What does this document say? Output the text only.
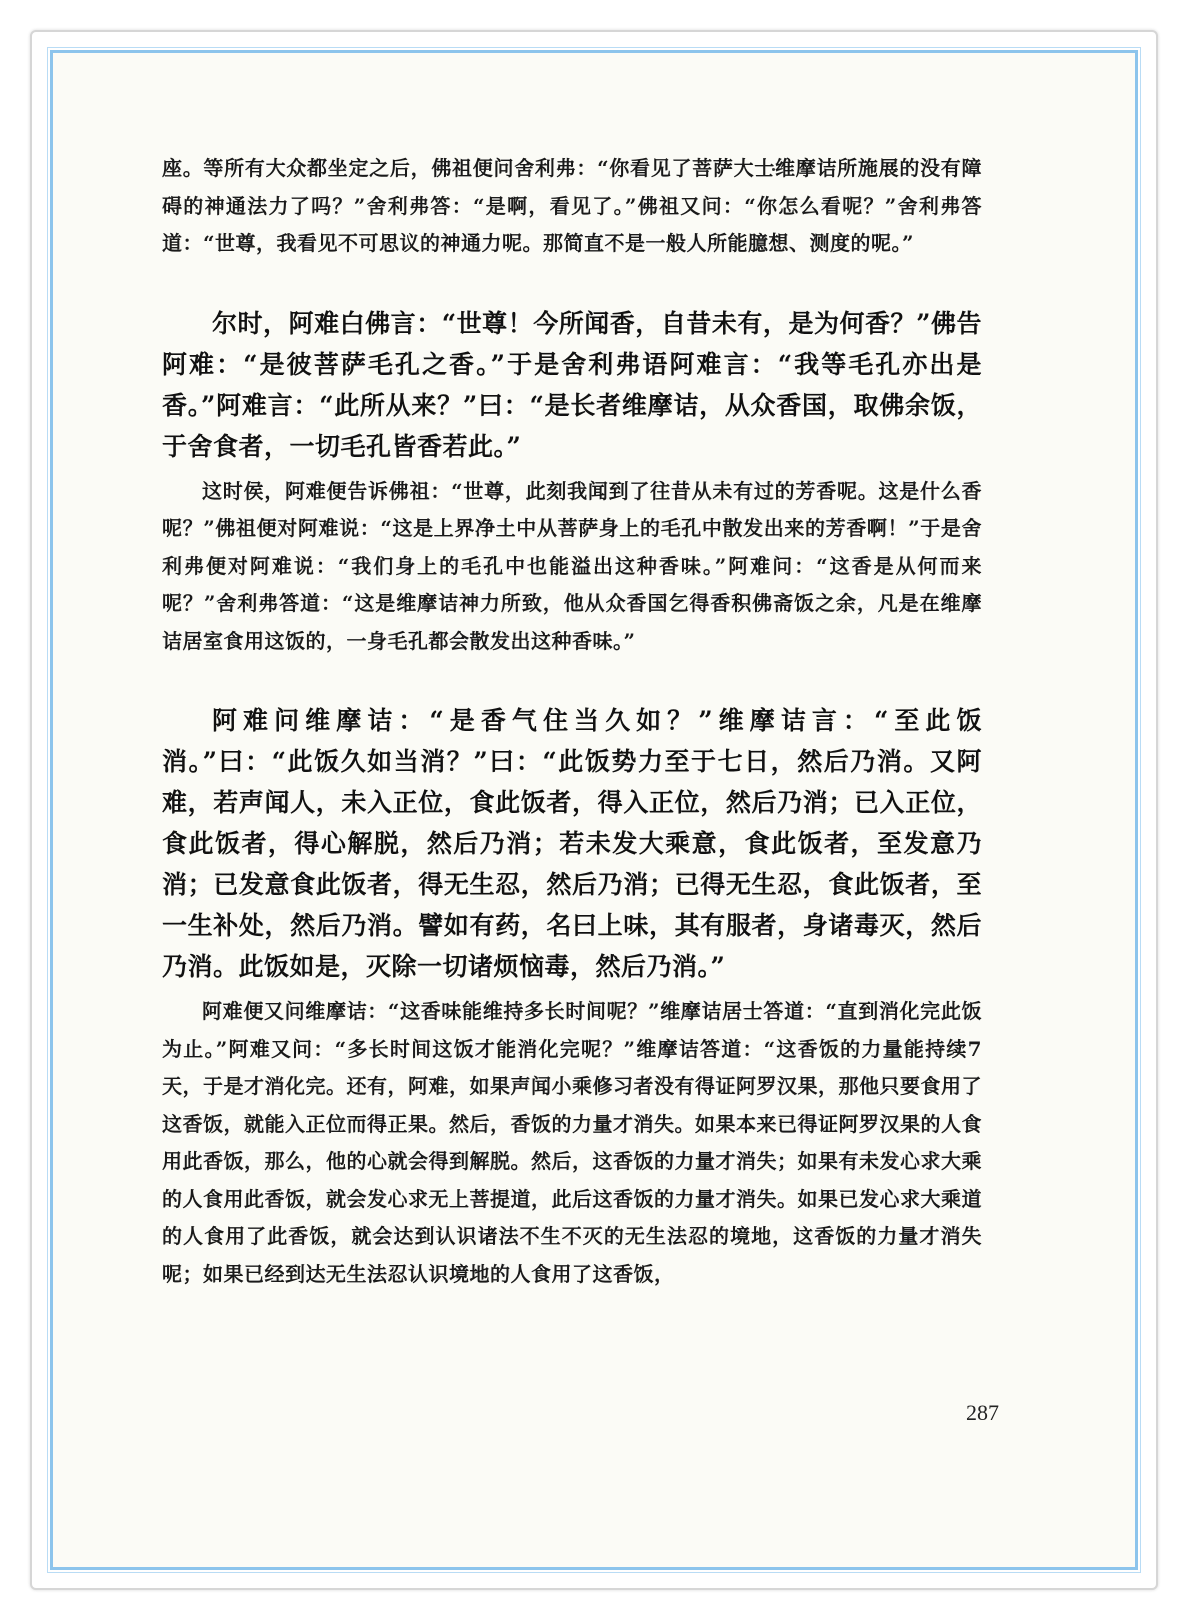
座。等所有大众都坐定之后，佛祖便问舍利弗：“你看见了菩萨大士维摩诘所施展的没有障碍的神通法力了吗？”舍利弗答：“是啊，看见了。”佛祖又问：“你怎么看呢？”舍利弗答道：“世尊，我看见不可思议的神通力呢。那简直不是一般人所能臆想、测度的呢。”

尔时，阿难白佛言：“世尊！今所闻香，自昔未有，是为何香？”佛告阿难：“是彼菩萨毛孔之香。”于是舍利弗语阿难言：“我等毛孔亦出是香。”阿难言：“此所从来？”曰：“是长者维摩诘，从众香国，取佛余饭，于舍食者，一切毛孔皆香若此。”

这时侯，阿难便告诉佛祖：“世尊，此刻我闻到了往昔从未有过的芳香呢。这是什么香呢？”佛祖便对阿难说：“这是上界净土中从菩萨身上的毛孔中散发出来的芳香啊！”于是舍利弗便对阿难说：“我们身上的毛孔中也能溢出这种香味。”阿难问：“这香是从何而来呢？”舍利弗答道：“这是维摩诘神力所致，他从众香国乞得香积佛斋饭之余，凡是在维摩诘居室食用这饭的，一身毛孔都会散发出这种香味。”

阿难问维摩诘：“是香气住当久如？”维摩诘言：“至此饭消。”曰：“此饭久如当消？”曰：“此饭势力至于七日，然后乃消。又阿难，若声闻人，未入正位，食此饭者，得入正位，然后乃消；已入正位，食此饭者，得心解脱，然后乃消；若未发大乘意，食此饭者，至发意乃消；已发意食此饭者，得无生忍，然后乃消；已得无生忍，食此饭者，至一生补处，然后乃消。譬如有药，名曰上味，其有服者，身诸毒灭，然后乃消。此饭如是，灭除一切诸烦恼毒，然后乃消。”

阿难便又问维摩诘：“这香味能维持多长时间呢？”维摩诘居士答道：“直到消化完此饭为止。”阿难又问：“多长时间这饭才能消化完呢？”维摩诘答道：“这香饭的力量能持续7天，于是才消化完。还有，阿难，如果声闻小乘修习者没有得证阿罗汉果，那他只要食用了这香饭，就能入正位而得正果。然后，香饭的力量才消失。如果本来已得证阿罗汉果的人食用此香饭，那么，他的心就会得到解脱。然后，这香饭的力量才消失；如果有未发心求大乘的人食用此香饭，就会发心求无上菩提道，此后这香饭的力量才消失。如果已发心求大乘道的人食用了此香饭，就会达到认识诸法不生不灭的无生法忍的境地，这香饭的力量才消失呢；如果已经到达无生法忍认识境地的人食用了这香饭，

287
